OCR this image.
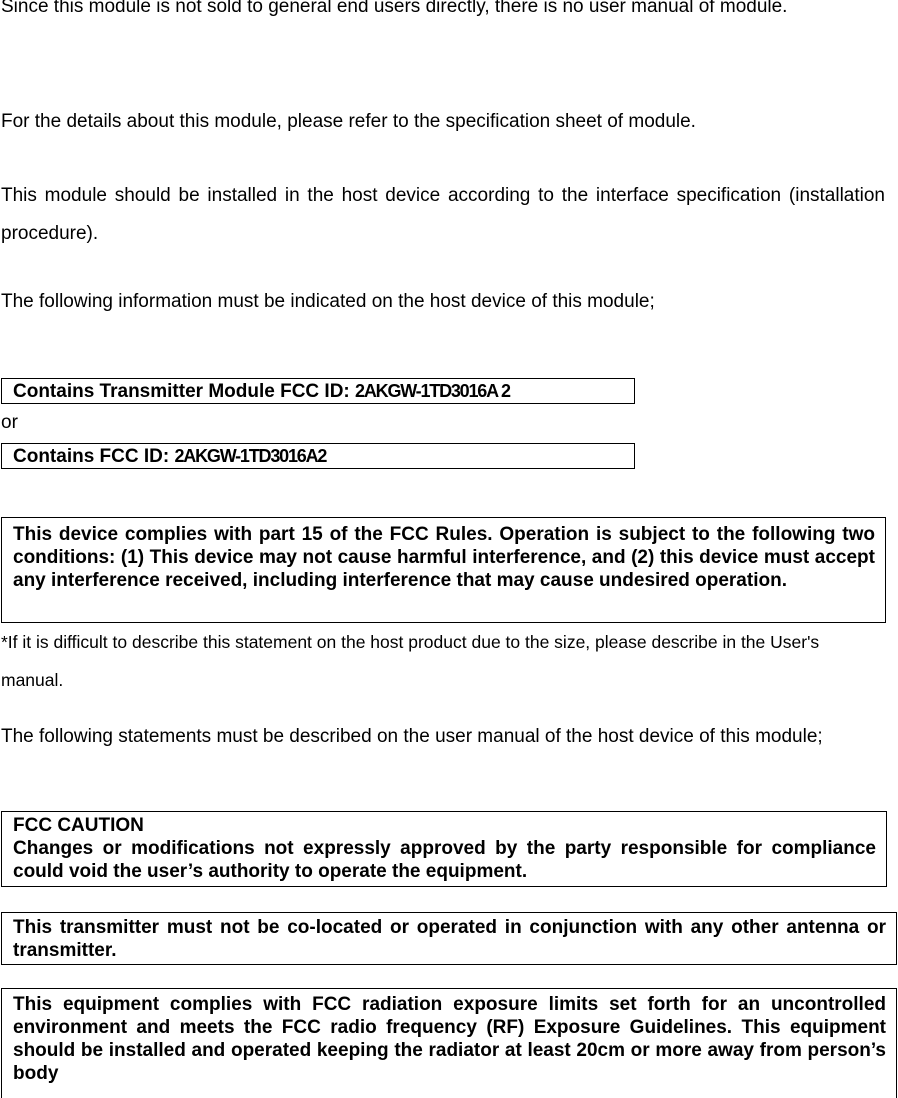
Since this module is not sold to general end users directly, there is no user manual of module.

For the details about this module, please refer to the specification sheet of module.

This module should be installed in the host device according to the interface specification (installation procedure).

The following information must be indicated on the host device of this module;

Contains Transmitter Module FCC ID: 2AKGW-1TD3016A 2

or

Contains FCC ID: 2AKGW-1TD3016A2
This device complies with part 15 of the FCC Rules. Operation is subject to the following two conditions: (1) This device may not cause harmful interference, and (2) this device must accept any interference received, including interference that may cause undesired operation.

*If it is difficult to describe this statement on the host product due to the size, please describe in the User's manual.

The following statements must be described on the user manual of the host device of this module;

FCC CAUTION
Changes or modifications not expressly approved by the party responsible for compliance could void the user’s authority to operate the equipment.
This transmitter must not be co-located or operated in conjunction with any other antenna or transmitter.
This equipment complies with FCC radiation exposure limits set forth for an uncontrolled environment and meets the FCC radio frequency (RF) Exposure Guidelines. This equipment should be installed and operated keeping the radiator at least 20cm or more away from person’s body
